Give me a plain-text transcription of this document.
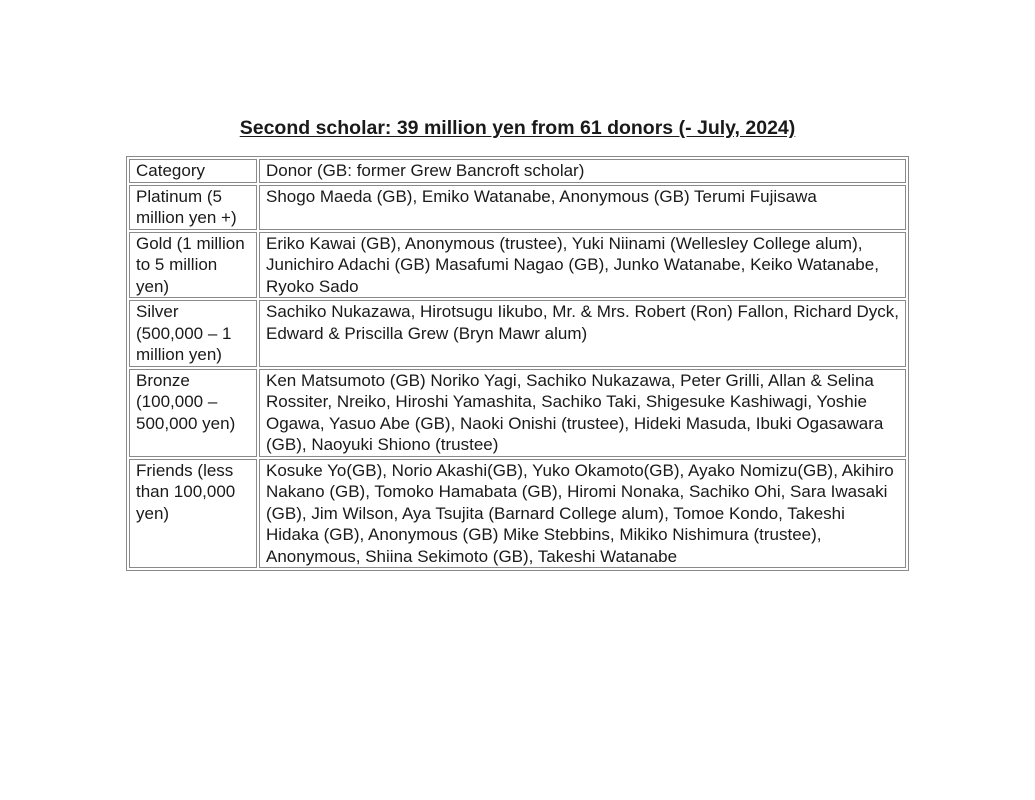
Second scholar: 39 million yen from 61 donors (- July, 2024)
Category	Donor (GB: former Grew Bancroft scholar)
Platinum (5 million yen +)	Shogo Maeda (GB), Emiko Watanabe, Anonymous (GB) Terumi Fujisawa
Gold (1 million to 5 million yen)	Eriko Kawai (GB), Anonymous (trustee), Yuki Niinami (Wellesley College alum), Junichiro Adachi (GB) Masafumi Nagao (GB), Junko Watanabe, Keiko Watanabe, Ryoko Sado
Silver (500,000 – 1 million yen)	Sachiko Nukazawa, Hirotsugu Iikubo, Mr. & Mrs. Robert (Ron) Fallon, Richard Dyck, Edward & Priscilla Grew (Bryn Mawr alum)
Bronze (100,000 – 500,000 yen)	Ken Matsumoto (GB) Noriko Yagi, Sachiko Nukazawa, Peter Grilli, Allan & Selina Rossiter, Nreiko, Hiroshi Yamashita, Sachiko Taki, Shigesuke Kashiwagi, Yoshie Ogawa, Yasuo Abe (GB), Naoki Onishi (trustee), Hideki Masuda, Ibuki Ogasawara (GB), Naoyuki Shiono (trustee)
Friends (less than 100,000 yen)	Kosuke Yo(GB), Norio Akashi(GB), Yuko Okamoto(GB), Ayako Nomizu(GB), Akihiro Nakano (GB), Tomoko Hamabata (GB), Hiromi Nonaka, Sachiko Ohi, Sara Iwasaki (GB), Jim Wilson, Aya Tsujita (Barnard College alum), Tomoe Kondo, Takeshi Hidaka (GB), Anonymous (GB) Mike Stebbins, Mikiko Nishimura (trustee), Anonymous, Shiina Sekimoto (GB), Takeshi Watanabe
